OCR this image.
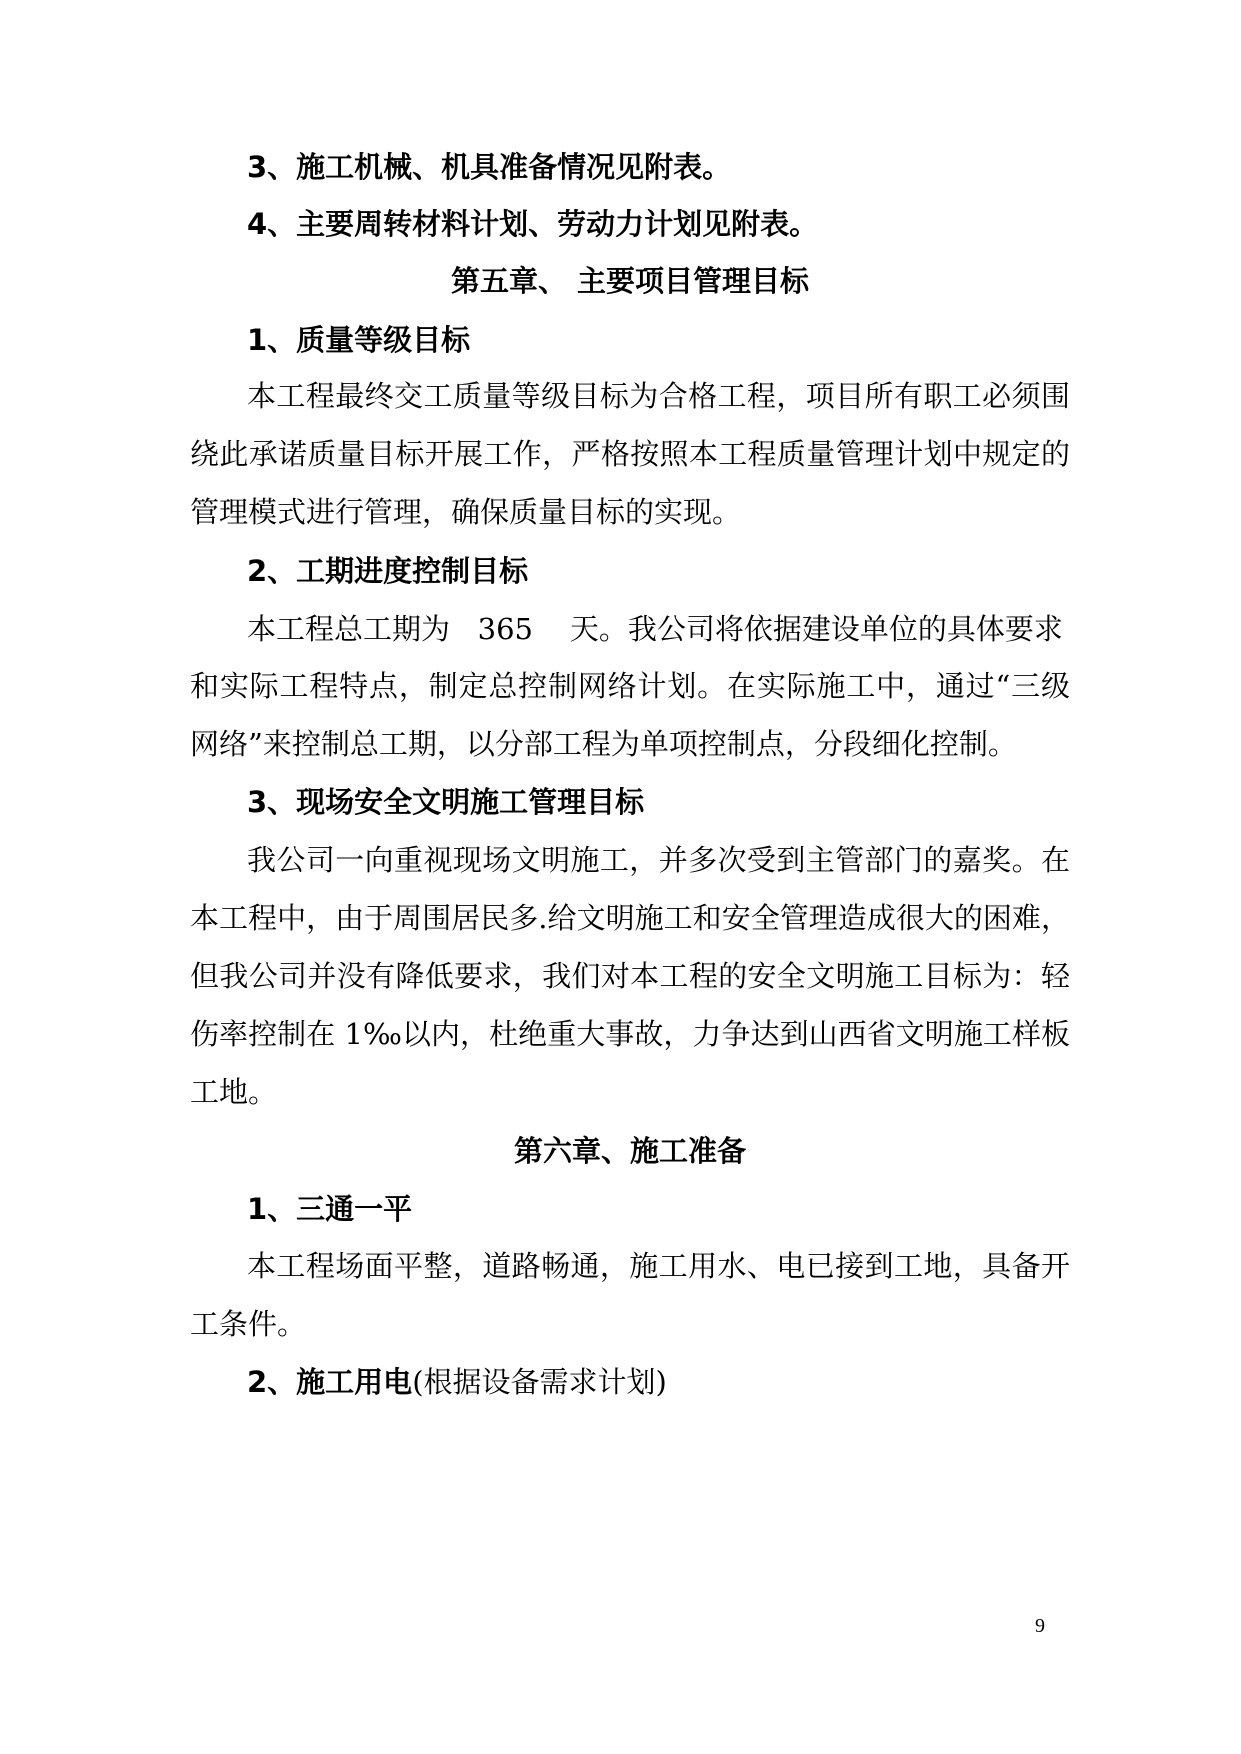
3、施工机械、机具准备情况见附表。
4、主要周转材料计划、劳动力计划见附表。
第五章、 主要项目管理目标
1、质量等级目标
本工程最终交工质量等级目标为合格工程，项目所有职工必须围
绕此承诺质量目标开展工作，严格按照本工程质量管理计划中规定的
管理模式进行管理，确保质量目标的实现。
2、工期进度控制目标
本工程总工期为   365    天。我公司将依据建设单位的具体要求
和实际工程特点，制定总控制网络计划。在实际施工中，通过“三级
网络”来控制总工期，以分部工程为单项控制点，分段细化控制。
3、现场安全文明施工管理目标
我公司一向重视现场文明施工，并多次受到主管部门的嘉奖。在
本工程中，由于周围居民多.给文明施工和安全管理造成很大的困难，
但我公司并没有降低要求，我们对本工程的安全文明施工目标为：轻
伤率控制在 1‰以内，杜绝重大事故，力争达到山西省文明施工样板
工地。
第六章、施工准备
1、三通一平
本工程场面平整，道路畅通，施工用水、电已接到工地，具备开
工条件。
2、施工用电(根据设备需求计划)
9
